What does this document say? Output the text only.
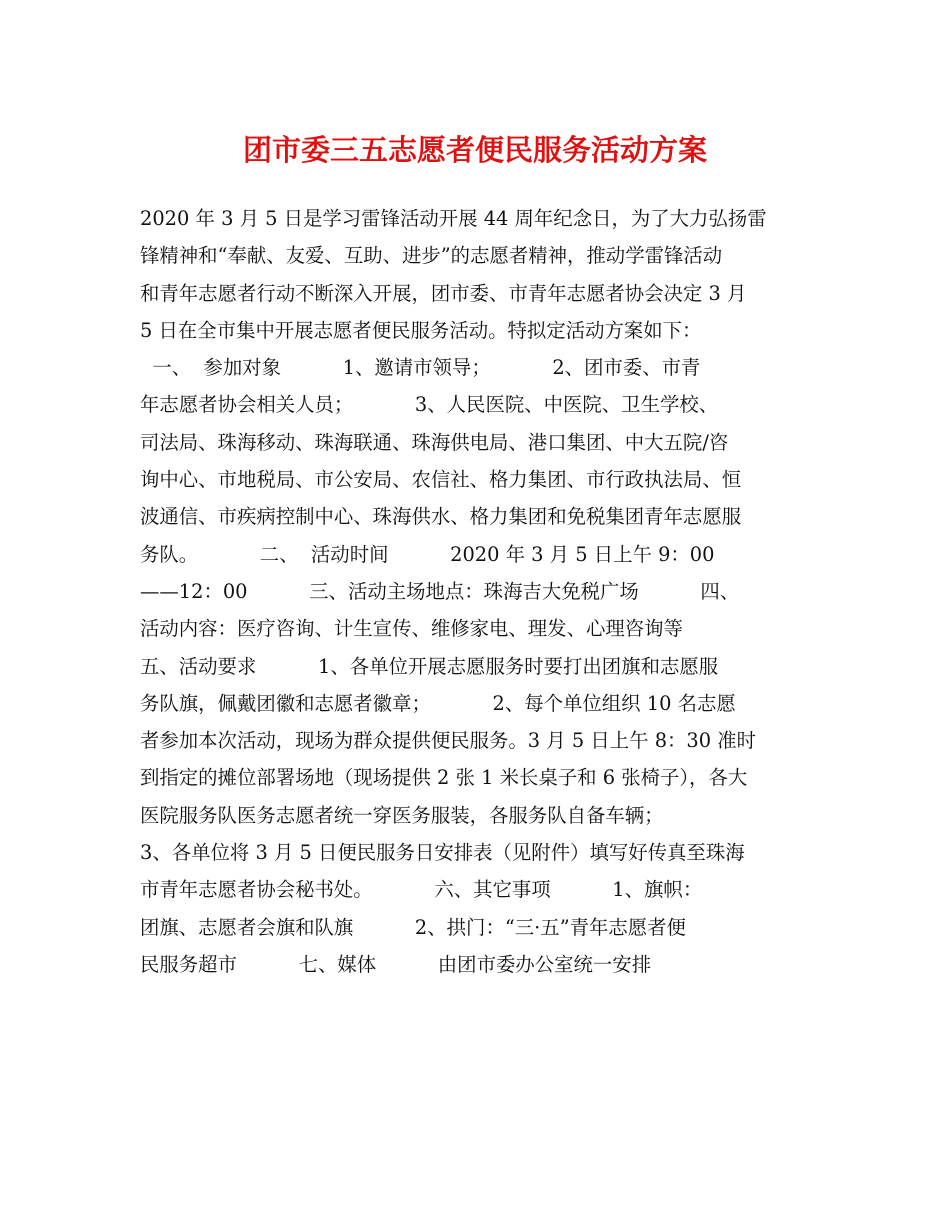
团市委三五志愿者便民服务活动方案
2020 年 3 月 5 日是学习雷锋活动开展 44 周年纪念日，为了大力弘扬雷
锋精神和“奉献、友爱、互助、进步”的志愿者精神，推动学雷锋活动
和青年志愿者行动不断深入开展，团市委、市青年志愿者协会决定 3 月
5 日在全市集中开展志愿者便民服务活动。特拟定活动方案如下：
一、  参加对象          1、邀请市领导；          2、团市委、市青
年志愿者协会相关人员；          3、人民医院、中医院、卫生学校、
司法局、珠海移动、珠海联通、珠海供电局、港口集团、中大五院/咨
询中心、市地税局、市公安局、农信社、格力集团、市行政执法局、恒
波通信、市疾病控制中心、珠海供水、格力集团和免税集团青年志愿服
务队。          二、  活动时间          2020 年 3 月 5 日上午 9：00
——12：00          三、活动主场地点：珠海吉大免税广场          四、
活动内容：医疗咨询、计生宣传、维修家电、理发、心理咨询等
五、活动要求          1、各单位开展志愿服务时要打出团旗和志愿服
务队旗，佩戴团徽和志愿者徽章；          2、每个单位组织 10 名志愿
者参加本次活动，现场为群众提供便民服务。3 月 5 日上午 8：30 准时
到指定的摊位部署场地（现场提供 2 张 1 米长桌子和 6 张椅子），各大
医院服务队医务志愿者统一穿医务服装，各服务队自备车辆；
3、各单位将 3 月 5 日便民服务日安排表（见附件）填写好传真至珠海
市青年志愿者协会秘书处。          六、其它事项          1、旗帜：
团旗、志愿者会旗和队旗          2、拱门：“三·五”青年志愿者便
民服务超市          七、媒体          由团市委办公室统一安排
